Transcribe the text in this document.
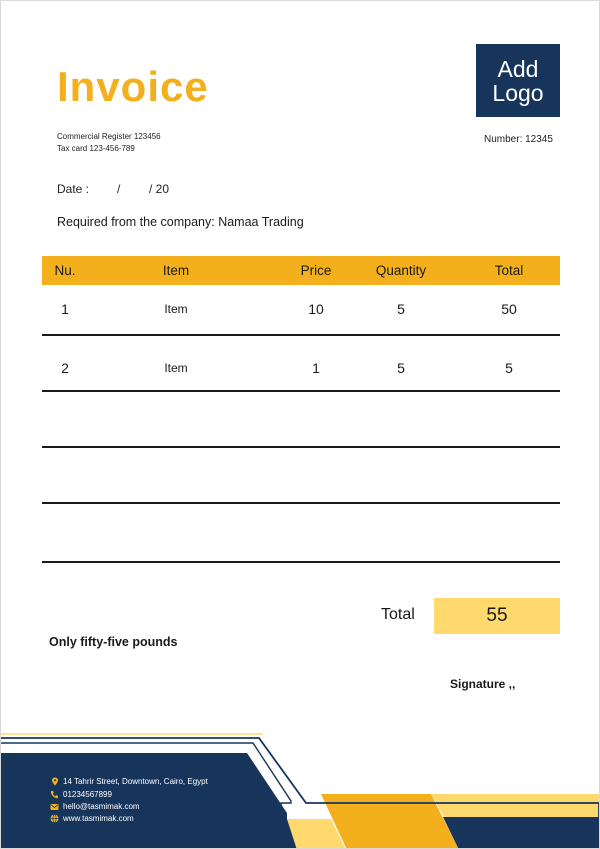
Invoice
Commercial Register 123456
Tax card 123-456-789
Add
Logo
Number: 12345
Date : / / 20
Required from the company: Namaa Trading
Nu.	Item	Price	Quantity	Total
1	Item	10	5	50
2	Item	1	5	5
Total	55
Only fifty-five pounds
Signature ,,
14 Tahrir Street, Downtown, Cairo, Egypt
01234567899
hello@tasmimak.com
www.tasmimak.com
